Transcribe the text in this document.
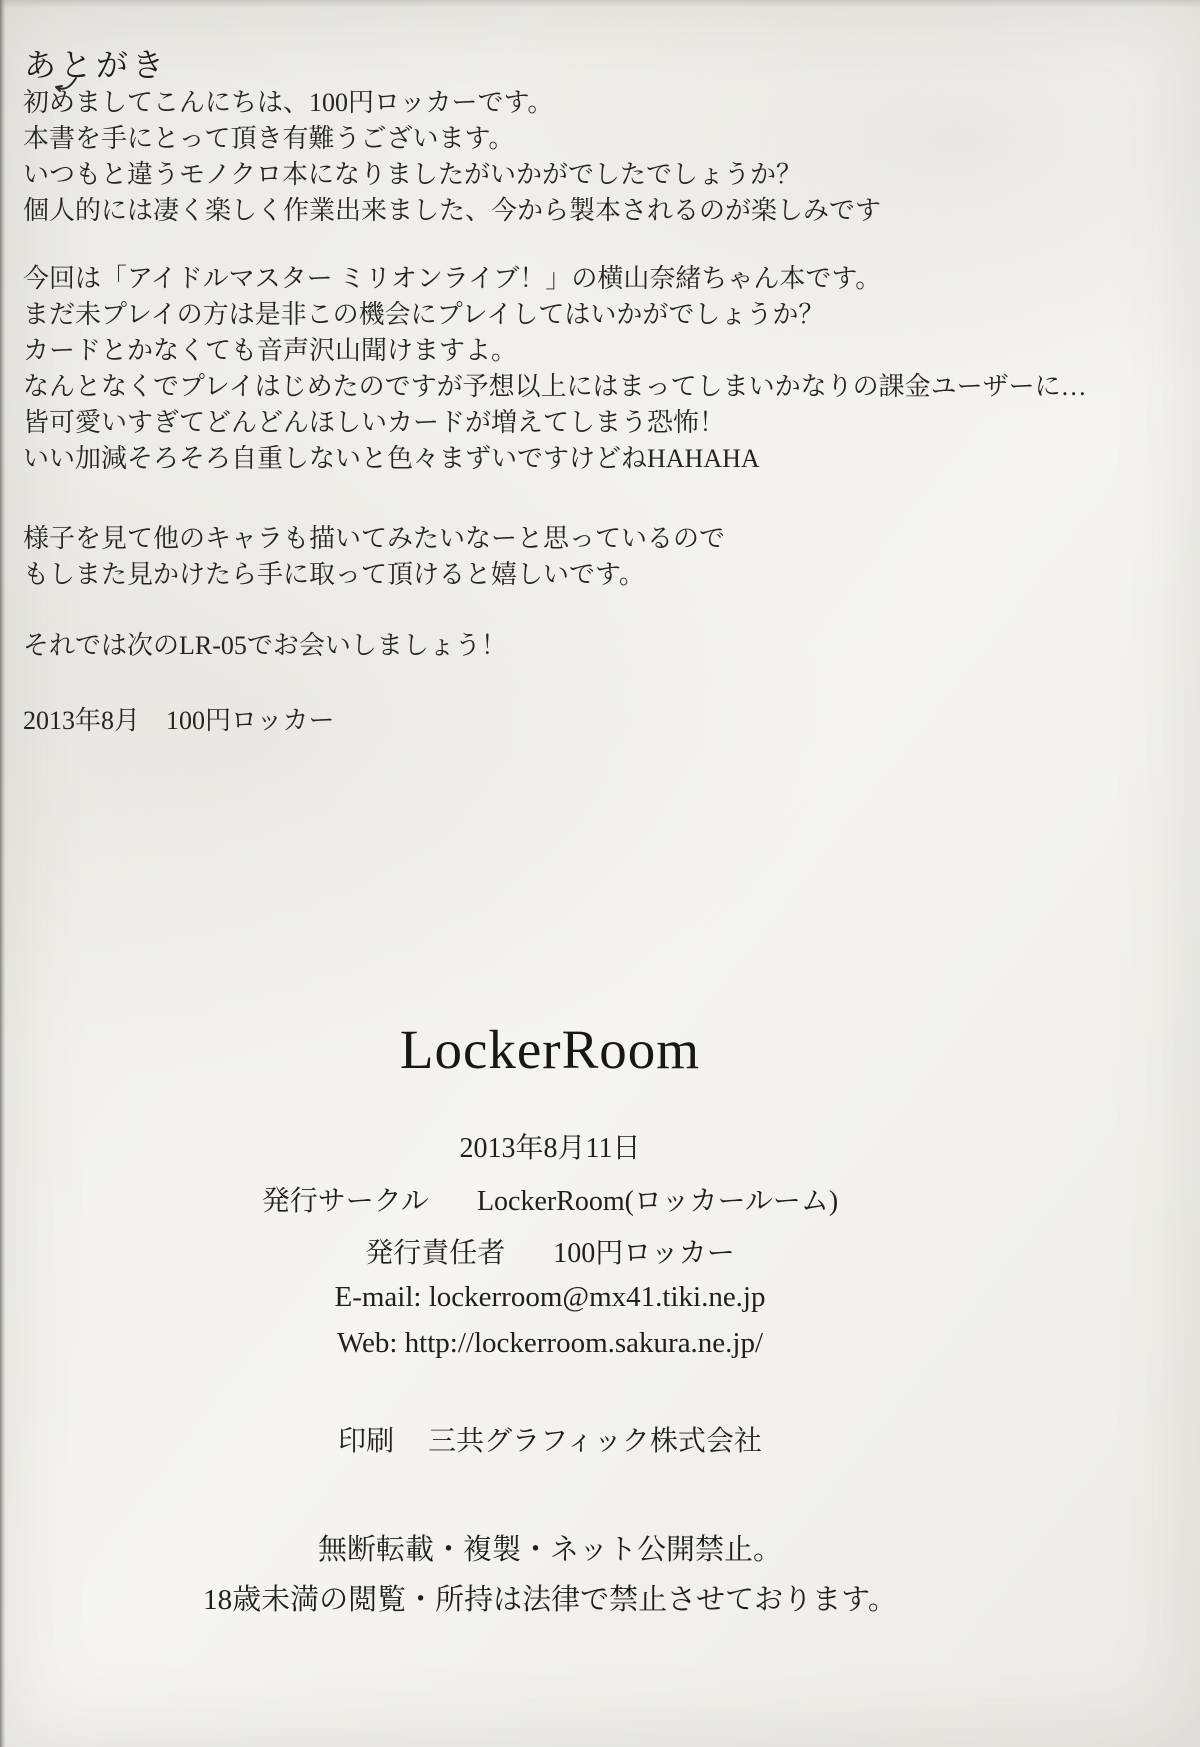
あとがき
初めましてこんにちは、100円ロッカーです。
本書を手にとって頂き有難うございます。
いつもと違うモノクロ本になりましたがいかがでしたでしょうか？
個人的には凄く楽しく作業出来ました、今から製本されるのが楽しみです
今回は「アイドルマスター ミリオンライブ！」の横山奈緒ちゃん本です。
まだ未プレイの方は是非この機会にプレイしてはいかがでしょうか？
カードとかなくても音声沢山聞けますよ。
なんとなくでプレイはじめたのですが予想以上にはまってしまいかなりの課金ユーザーに…
皆可愛いすぎてどんどんほしいカードが増えてしまう恐怖！
いい加減そろそろ自重しないと色々まずいですけどねHAHAHA
様子を見て他のキャラも描いてみたいなーと思っているので
もしまた見かけたら手に取って頂けると嬉しいです。
それでは次のLR-05でお会いしましょう！
2013年8月　100円ロッカー
LockerRoom
2013年8月11日
発行サークル LockerRoom(ロッカールーム)
発行責任者 100円ロッカー
E-mail: lockerroom@mx41.tiki.ne.jp
Web: http://lockerroom.sakura.ne.jp/
印刷 三共グラフィック株式会社
無断転載・複製・ネット公開禁止。
18歳未満の閲覧・所持は法律で禁止させております。
